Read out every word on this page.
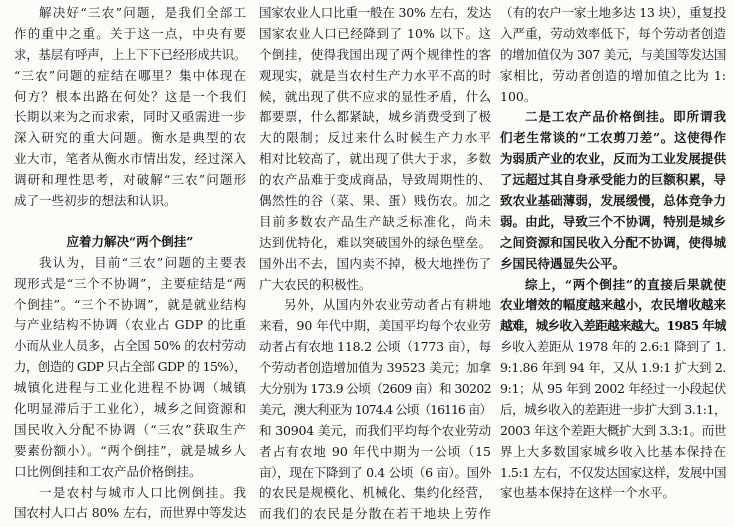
解决好“三农”问题，是我们全部工
作的重中之重。关于这一点，中央有要
求，基层有呼声，上上下下已经形成共识。
“三农”问题的症结在哪里？集中体现在
何方？根本出路在何处？这是一个我们
长期以来为之而求索，同时又亟需进一步
深入研究的重大问题。衡水是典型的农
业大市，笔者从衡水市情出发，经过深入
调研和理性思考，对破解“三农”问题形
成了一些初步的想法和认识。
应着力解决“两个倒挂”
我认为，目前“三农”问题的主要表
现形式是“三个不协调”，主要症结是“两
个倒挂”。“三个不协调”，就是就业结构
与产业结构不协调（农业占 GDP 的比重
小而从业人员多，占全国 50% 的农村劳动
力，创造的 GDP 只占全部 GDP 的 15%），
城镇化进程与工业化进程不协调（城镇
化明显滞后于工业化），城乡之间资源和
国民收入分配不协调（“三农”获取生产
要素份额小）。“两个倒挂”，就是城乡人
口比例倒挂和工农产品价格倒挂。
一是农村与城市人口比例倒挂。我
国农村人口占 80% 左右，而世界中等发达
国家农业人口比重一般在 30% 左右，发达
国家农业人口已经降到了 10% 以下。这
个倒挂，使得我国出现了两个规律性的客
观现实，就是当农村生产力水平不高的时
候，就出现了供不应求的显性矛盾，什么
都要票，什么都紧缺，城乡消费受到了极
大的限制；反过来什么时候生产力水平
相对比较高了，就出现了供大于求，多数
的农产品难于变成商品，导致周期性的、
偶然性的谷（菜、果、蛋）贱伤农。加之
目前多数农产品生产缺乏标准化，尚未
达到优特化，难以突破国外的绿色壁垒。
国外出不去，国内卖不掉，极大地挫伤了
广大农民的积极性。
另外，从国内外农业劳动者占有耕地
来看，90 年代中期，美国平均每个农业劳
动者占有农地 118.2 公顷（1773 亩），每
个劳动者创造增加值为 39523 美元；加拿
大分别为 173.9 公顷（2609 亩）和 30202
美元，澳大利亚为 1074.4 公顷（16116 亩）
和 30904 美元，而我们平均每个农业劳动
者占有农地 90 年代中期为一公顷（15
亩），现在下降到了 0.4 公顷（6 亩）。国外
的农民是规模化、机械化、集约化经营，
而我们的农民是分散在若干地块上劳作
（有的农户一家土地多达 13 块），重复投
入严重，劳动效率低下，每个劳动者创造
的增加值仅为 307 美元，与美国等发达国
家相比，劳动者创造的增加值之比为 1:
100。
二是工农产品价格倒挂。即所谓我
们老生常谈的“工农剪刀差”。这使得作
为弱质产业的农业，反而为工业发展提供
了远超过其自身承受能力的巨额积累，导
致农业基础薄弱，发展缓慢，总体竞争力
弱。由此，导致三个不协调，特别是城乡
之间资源和国民收入分配不协调，使得城
乡国民待遇显失公平。
综上，“两个倒挂”的直接后果就使
农业增效的幅度越来越小，农民增收越来
越难，城乡收入差距越来越大。1985 年城
乡收入差距从 1978 年的 2.6:1 降到了 1.
9:1.86 年到 94 年，又从 1.9:1 扩大到 2.
9:1；从 95 年到 2002 年经过一小段起伏
后，城乡收入的差距进一步扩大到 3.1:1，
2003 年这个差距大概扩大到 3.3:1。而世
界上大多数国家城乡收入比基本保持在
1.5:1 左右，不仅发达国家这样，发展中国
家也基本保持在这样一个水平。
